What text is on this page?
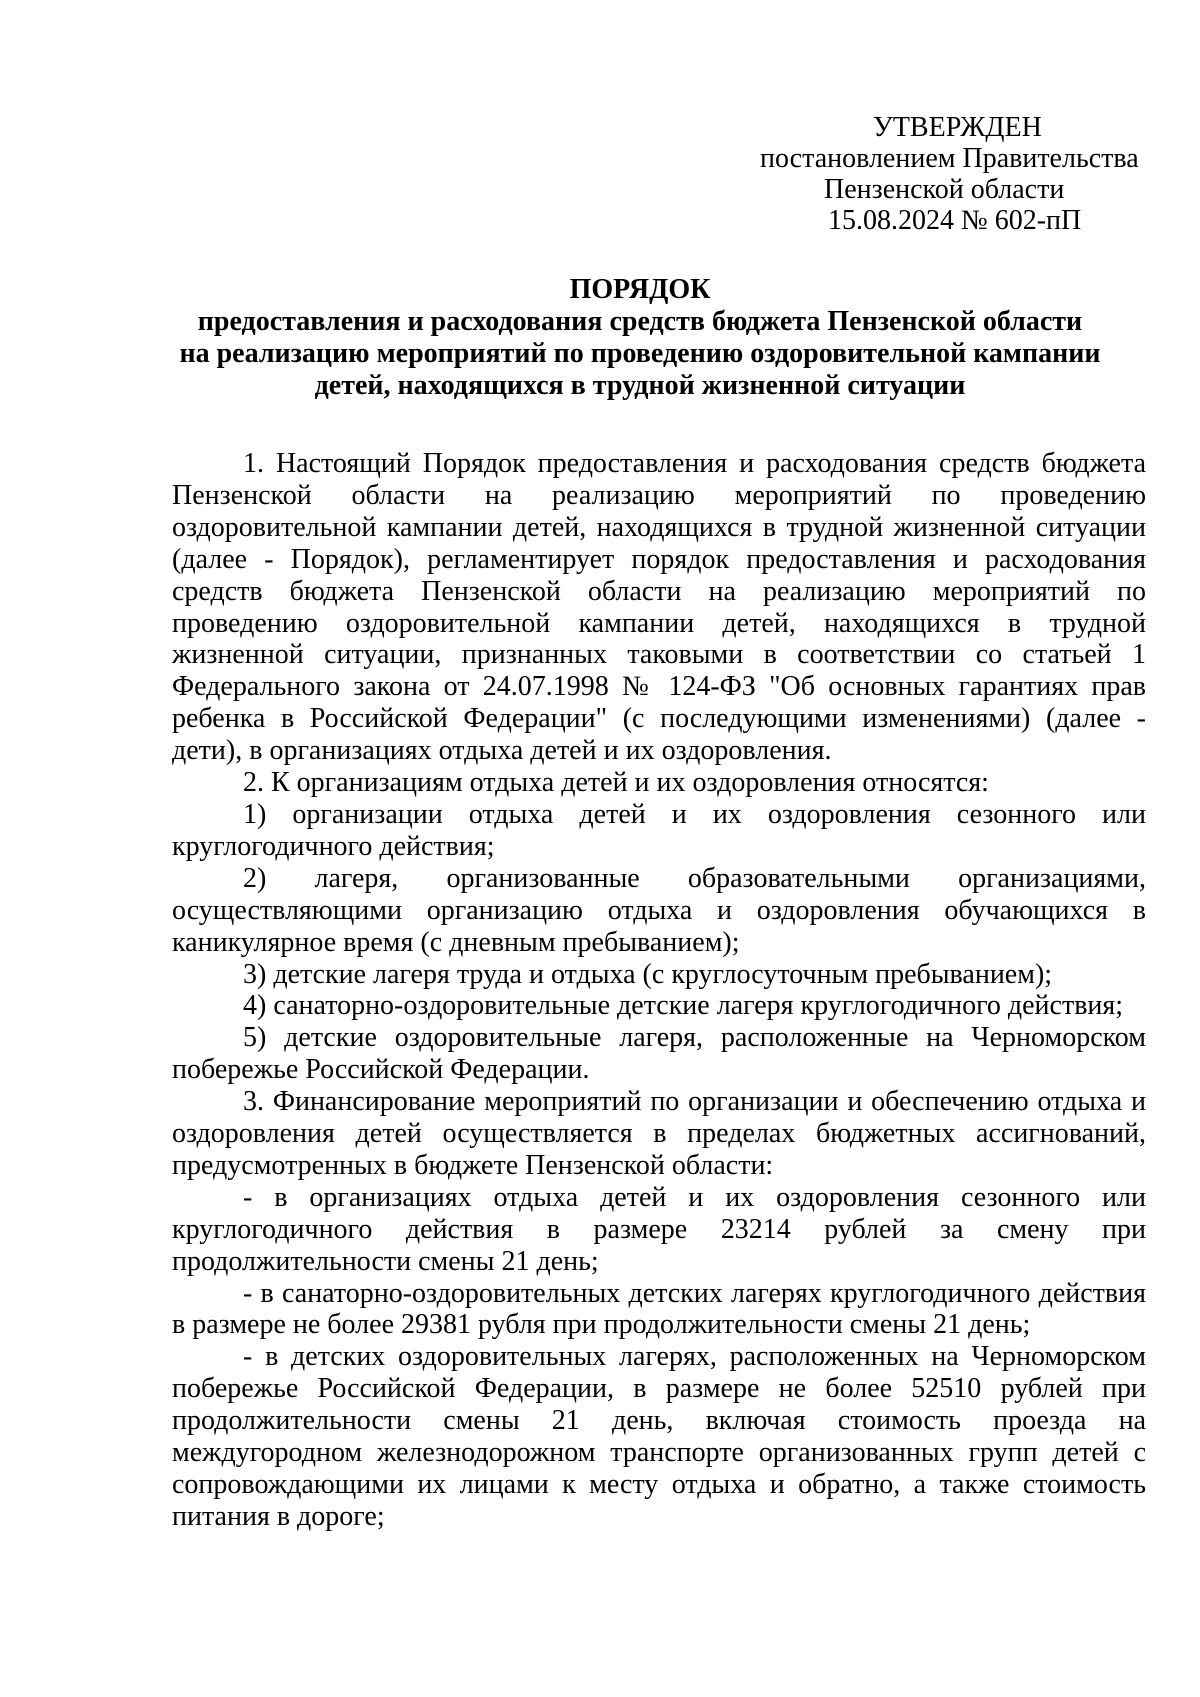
УТВЕРЖДЕН
постановлением Правительства
Пензенской области
15.08.2024 № 602-пП
ПОРЯДОК
предоставления и расходования средств бюджета Пензенской области
на реализацию мероприятий по проведению оздоровительной кампании
детей, находящихся в трудной жизненной ситуации

1. Настоящий Порядок предоставления и расходования средств бюджета Пензенской области на реализацию мероприятий по проведению оздоровительной кампании детей, находящихся в трудной жизненной ситуации (далее - Порядок), регламентирует порядок предоставления и расходования средств бюджета Пензенской области на реализацию мероприятий по проведению оздоровительной кампании детей, находящихся в трудной жизненной ситуации, признанных таковыми в соответствии со статьей 1 Федерального закона от 24.07.1998 № 124-ФЗ "Об основных гарантиях прав ребенка в Российской Федерации" (с последующими изменениями) (далее - дети), в организациях отдыха детей и их оздоровления.

2. К организациям отдыха детей и их оздоровления относятся:

1) организации отдыха детей и их оздоровления сезонного или круглогодичного действия;

2) лагеря, организованные образовательными организациями, осуществляющими организацию отдыха и оздоровления обучающихся в каникулярное время (с дневным пребыванием);

3) детские лагеря труда и отдыха (с круглосуточным пребыванием);

4) санаторно-оздоровительные детские лагеря круглогодичного действия;

5) детские оздоровительные лагеря, расположенные на Черноморском побережье Российской Федерации.

3. Финансирование мероприятий по организации и обеспечению отдыха и оздоровления детей осуществляется в пределах бюджетных ассигнований, предусмотренных в бюджете Пензенской области:

- в организациях отдыха детей и их оздоровления сезонного или круглогодичного действия в размере 23214 рублей за смену при продолжительности смены 21 день;

- в санаторно-оздоровительных детских лагерях круглогодичного действия в размере не более 29381 рубля при продолжительности смены 21 день;

- в детских оздоровительных лагерях, расположенных на Черноморском побережье Российской Федерации, в размере не более 52510 рублей при продолжительности смены 21 день, включая стоимость проезда на междугородном железнодорожном транспорте организованных групп детей с сопровождающими их лицами к месту отдыха и обратно, а также стоимость питания в дороге;
